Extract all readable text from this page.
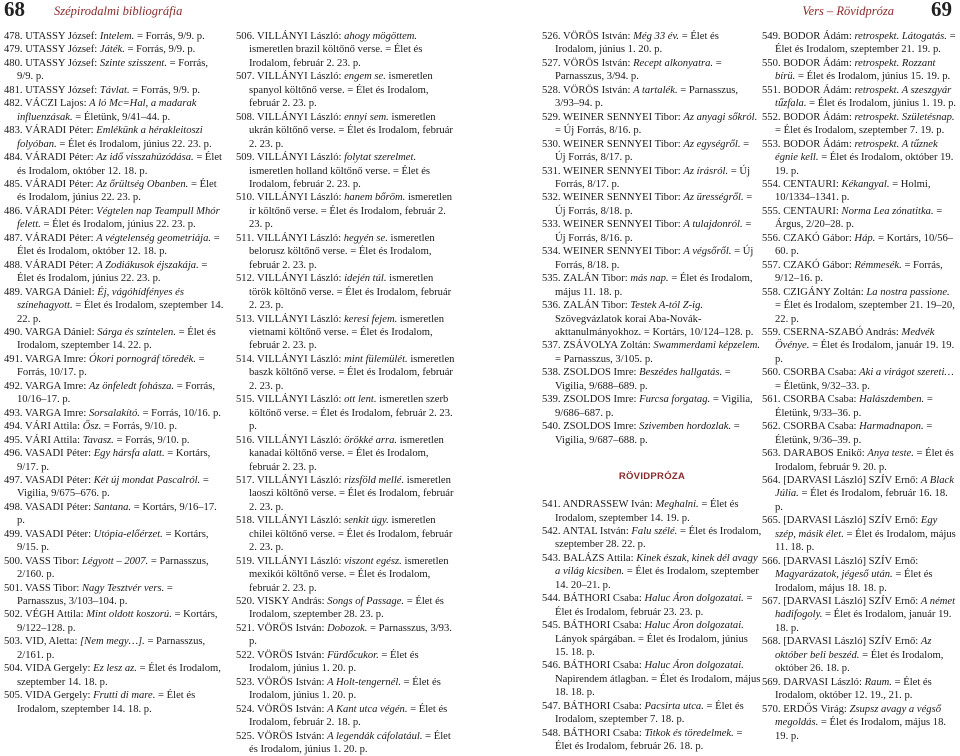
68 Szépirodalmi bibliográfia

478. UTASSY József: Intelem. = Forrás, 9/9. p.

479. UTASSY József: Játék. = Forrás, 9/9. p.

480. UTASSY József: Szinte szisszent. = Forrás, 9/9. p.

481. UTASSY József: Távlat. = Forrás, 9/9. p.

482. VÁCZI Lajos: A ló Mc=Hal, a madarak influenzásak. = Életünk, 9/41–44. p.

483. VÁRADI Péter: Emlékünk a hérakleitoszi folyóban. = Élet és Irodalom, június 22. 23. p.

484. VÁRADI Péter: Az idő visszahúzódása. = Élet és Irodalom, október 12. 18. p.

485. VÁRADI Péter: Az őrültség Obanben. = Élet és Irodalom, június 22. 23. p.

486. VÁRADI Péter: Végtelen nap Teampull Mhór felett. = Élet és Irodalom, június 22. 23. p.

487. VÁRADI Péter: A végtelenség geometriája. = Élet és Irodalom, október 12. 18. p.

488. VÁRADI Péter: A Zodiákusok éjszakája. = Élet és Irodalom, június 22. 23. p.

489. VARGA Dániel: Éj, vágóhídfényes és színehagyott. = Élet és Irodalom, szeptember 14. 22. p.

490. VARGA Dániel: Sárga és színtelen. = Élet és Irodalom, szeptember 14. 22. p.

491. VARGA Imre: Ókori pornográf töredék. = Forrás, 10/17. p.

492. VARGA Imre: Az önfeledt fohásza. = Forrás, 10/16–17. p.

493. VARGA Imre: Sorsalakító. = Forrás, 10/16. p.

494. VÁRI Attila: Ősz. = Forrás, 9/10. p.

495. VÁRI Attila: Tavasz. = Forrás, 9/10. p.

496. VASADI Péter: Egy hársfa alatt. = Kortárs, 9/17. p.

497. VASADI Péter: Két új mondat Pascalról. = Vigilia, 9/675–676. p.

498. VASADI Péter: Santana. = Kortárs, 9/16–17. p.

499. VASADI Péter: Utópia-előérzet. = Kortárs, 9/15. p.

500. VASS Tibor: Légyott – 2007. = Parnasszus, 2/160. p.

501. VASS Tibor: Nagy Tesztvér vers. = Parnasszus, 3/103–104. p.

502. VÉGH Attila: Mint oldott koszorú. = Kortárs, 9/122–128. p.

503. VID, Aletta: [Nem megy…]. = Parnasszus, 2/161. p.

504. VIDA Gergely: Ez lesz az. = Élet és Irodalom, szeptember 14. 18. p.

505. VIDA Gergely: Frutti di mare. = Élet és Irodalom, szeptember 14. 18. p.

506. VILLÁNYI László: ahogy mögöttem. ismeretlen brazil költőnő verse. = Élet és Irodalom, február 2. 23. p.

507. VILLÁNYI László: engem se. ismeretlen spanyol költőnő verse. = Élet és Irodalom, február 2. 23. p.

508. VILLÁNYI László: ennyi sem. ismeretlen ukrán költőnő verse. = Élet és Irodalom, február 2. 23. p.

509. VILLÁNYI László: folytat szerelmet. ismeretlen holland költőnő verse. = Élet és Irodalom, február 2. 23. p.

510. VILLÁNYI László: hanem bőröm. ismeretlen ír költőnő verse. = Élet és Irodalom, február 2. 23. p.

511. VILLÁNYI László: hegyén se. ismeretlen belorusz költőnő verse. = Élet és Irodalom, február 2. 23. p.

512. VILLÁNYI László: idején túl. ismeretlen török költőnő verse. = Élet és Irodalom, február 2. 23. p.

513. VILLÁNYI László: keresi fejem. ismeretlen vietnami költőnő verse. = Élet és Irodalom, február 2. 23. p.

514. VILLÁNYI László: mint fülemülét. ismeretlen baszk költőnő verse. = Élet és Irodalom, február 2. 23. p.

515. VILLÁNYI László: ott lent. ismeretlen szerb költőnő verse. = Élet és Irodalom, február 2. 23. p.

516. VILLÁNYI László: örökké arra. ismeretlen kanadai költőnő verse. = Élet és Irodalom, február 2. 23. p.

517. VILLÁNYI László: rizsföld mellé. ismeretlen laoszi költőnő verse. = Élet és Irodalom, február 2. 23. p.

518. VILLÁNYI László: senkit úgy. ismeretlen chilei költőnő verse. = Élet és Irodalom, február 2. 23. p.

519. VILLÁNYI László: viszont egész. ismeretlen mexikói költőnő verse. = Élet és Irodalom, február 2. 23. p.

520. VISKY András: Songs of Passage. = Élet és Irodalom, szeptember 28. 23. p.

521. VÖRÖS István: Dobozok. = Parnasszus, 3/93. p.

522. VÖRÖS István: Fürdőcukor. = Élet és Irodalom, június 1. 20. p.

523. VÖRÖS István: A Holt-tengernél. = Élet és Irodalom, június 1. 20. p.

524. VÖRÖS István: A Kant utca végén. = Élet és Irodalom, február 2. 18. p.

525. VÖRÖS István: A legendák cáfolatául. = Élet és Irodalom, június 1. 20. p.

Vers – Rövidpróza 69

526. VÖRÖS István: Még 33 év. = Élet és Irodalom, június 1. 20. p.

527. VÖRÖS István: Recept alkonyatra. = Parnasszus, 3/94. p.

528. VÖRÖS István: A tartalék. = Parnasszus, 3/93–94. p.

529. WEINER SENNYEI Tibor: Az anyagi sőkról. = Új Forrás, 8/16. p.

530. WEINER SENNYEI Tibor: Az egységről. = Új Forrás, 8/17. p.

531. WEINER SENNYEI Tibor: Az írásról. = Új Forrás, 8/17. p.

532. WEINER SENNYEI Tibor: Az ürességről. = Új Forrás, 8/18. p.

533. WEINER SENNYEI Tibor: A tulajdonról. = Új Forrás, 8/16. p.

534. WEINER SENNYEI Tibor: A végsőről. = Új Forrás, 8/18. p.

535. ZALÁN Tibor: más nap. = Élet és Irodalom, május 11. 18. p.

536. ZALÁN Tibor: Testek A-tól Z-ig. Szövegvázlatok korai Aba-Novák-akttanulmányokhoz. = Kortárs, 10/124–128. p.

537. ZSÁVOLYA Zoltán: Swammerdami képzelem. = Parnasszus, 3/105. p.

538. ZSOLDOS Imre: Beszédes hallgatás. = Vigilia, 9/688–689. p.

539. ZSOLDOS Imre: Furcsa forgatag. = Vigilia, 9/686–687. p.

540. ZSOLDOS Imre: Szivemben hordozlak. = Vigilia, 9/687–688. p.

RÖVIDPRÓZA

541. ANDRASSEW Iván: Meghalni. = Élet és Irodalom, szeptember 14. 19. p.

542. ANTAL István: Falu szélé. = Élet és Irodalom, szeptember 28. 22. p.

543. BALÁZS Attila: Kinek észak, kinek dél avagy a világ kicsiben. = Élet és Irodalom, szeptember 14. 20–21. p.

544. BÁTHORI Csaba: Haluc Áron dolgozatai. = Élet és Irodalom, február 23. 23. p.

545. BÁTHORI Csaba: Haluc Áron dolgozatai. Lányok spárgában. = Élet és Irodalom, június 15. 18. p.

546. BÁTHORI Csaba: Haluc Áron dolgozatai. Napirendem átlagban. = Élet és Irodalom, május 18. 18. p.

547. BÁTHORI Csaba: Pacsirta utca. = Élet és Irodalom, szeptember 7. 18. p.

548. BÁTHORI Csaba: Titkok és töredelmek. = Élet és Irodalom, február 26. 18. p.

549. BODOR Ádám: retrospekt. Látogatás. = Élet és Irodalom, szeptember 21. 19. p.

550. BODOR Ádám: retrospekt. Rozzant bírü. = Élet és Irodalom, június 15. 19. p.

551. BODOR Ádám: retrospekt. A szeszgyár tűzfala. = Élet és Irodalom, június 1. 19. p.

552. BODOR Ádám: retrospekt. Születésnap. = Élet és Irodalom, szeptember 7. 19. p.

553. BODOR Ádám: retrospekt. A tűznek égnie kell. = Élet és Irodalom, október 19. 19. p.

554. CENTAURI: Kékangyal. = Holmi, 10/1334–1341. p.

555. CENTAURI: Norma Lea zónatitka. = Árgus, 2/20–28. p.

556. CZAKÓ Gábor: Háp. = Kortárs, 10/56–60. p.

557. CZAKÓ Gábor: Rémmesék. = Forrás, 9/12–16. p.

558. CZIGÁNY Zoltán: La nostra passione. = Élet és Irodalom, szeptember 21. 19–20, 22. p.

559. CSERNA-SZABÓ András: Medvék Övénye. = Élet és Irodalom, január 19. 19. p.

560. CSORBA Csaba: Aki a virágot szereti… = Életünk, 9/32–33. p.

561. CSORBA Csaba: Halászdemben. = Életünk, 9/33–36. p.

562. CSORBA Csaba: Harmadnapon. = Életünk, 9/36–39. p.

563. DARABOS Enikő: Anya teste. = Élet és Irodalom, február 9. 20. p.

564. [DARVASI László] SZÍV Ernő: A Black Júlia. = Élet és Irodalom, február 16. 18. p.

565. [DARVASI László] SZÍV Ernő: Egy szép, másik élet. = Élet és Irodalom, május 11. 18. p.

566. [DARVASI László] SZÍV Ernő: Magyarázatok, jégeső után. = Élet és Irodalom, május 18. 18. p.

567. [DARVASI László] SZÍV Ernő: A német hadifogoly. = Élet és Irodalom, január 19. 18. p.

568. [DARVASI László] SZÍV Ernő: Az október beli beszéd. = Élet és Irodalom, október 26. 18. p.

569. DARVASI László: Raum. = Élet és Irodalom, október 12. 19., 21. p.

570. ERDŐS Virág: Zsupsz avagy a végső megoldás. = Élet és Irodalom, május 18. 19. p.
